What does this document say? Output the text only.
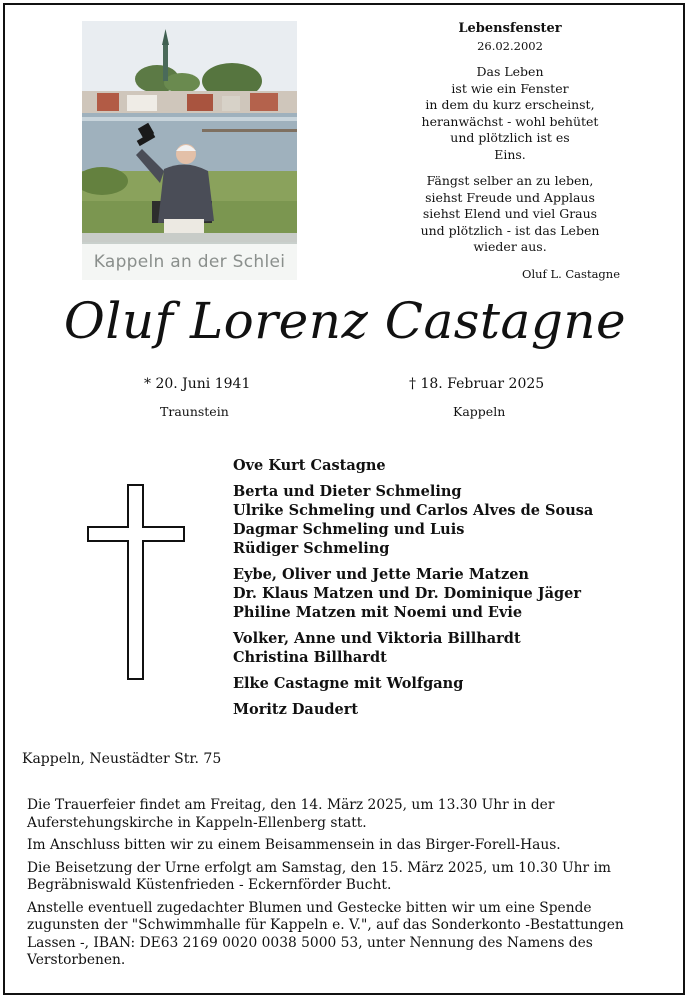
Kappeln an der Schlei
Lebensfenster
26.02.2002
Das Leben
ist wie ein Fenster
in dem du kurz erscheinst,
heranwächst - wohl behütet
und plötzlich ist es
Eins.
Fängst selber an zu leben,
siehst Freude und Applaus
siehst Elend und viel Graus
und plötzlich - ist das Leben
wieder aus.
Oluf L. Castagne
Oluf Lorenz Castagne
* 20. Juni 1941
Traunstein
† 18. Februar 2025
Kappeln
Ove Kurt Castagne
Berta und Dieter Schmeling
Ulrike Schmeling und Carlos Alves de Sousa
Dagmar Schmeling und Luis
Rüdiger Schmeling
Eybe, Oliver und Jette Marie Matzen
Dr. Klaus Matzen und Dr. Dominique Jäger
Philine Matzen mit Noemi und Evie
Volker, Anne und Viktoria Billhardt
Christina Billhardt
Elke Castagne mit Wolfgang
Moritz Daudert
Kappeln, Neustädter Str. 75
Die Trauerfeier findet am Freitag, den 14. März 2025, um 13.30 Uhr in der Auferstehungskirche in Kappeln-Ellenberg statt.
Im Anschluss bitten wir zu einem Beisammensein in das Birger-Forell-Haus.
Die Beisetzung der Urne erfolgt am Samstag, den 15. März 2025, um 10.30 Uhr im Begräbniswald Küstenfrieden - Eckernförder Bucht.
Anstelle eventuell zugedachter Blumen und Gestecke bitten wir um eine Spende zugunsten der "Schwimmhalle für Kappeln e. V.", auf das Sonderkonto -Bestattungen Lassen -, IBAN: DE63 2169 0020 0038 5000 53, unter Nennung des Namens des Verstorbenen.
